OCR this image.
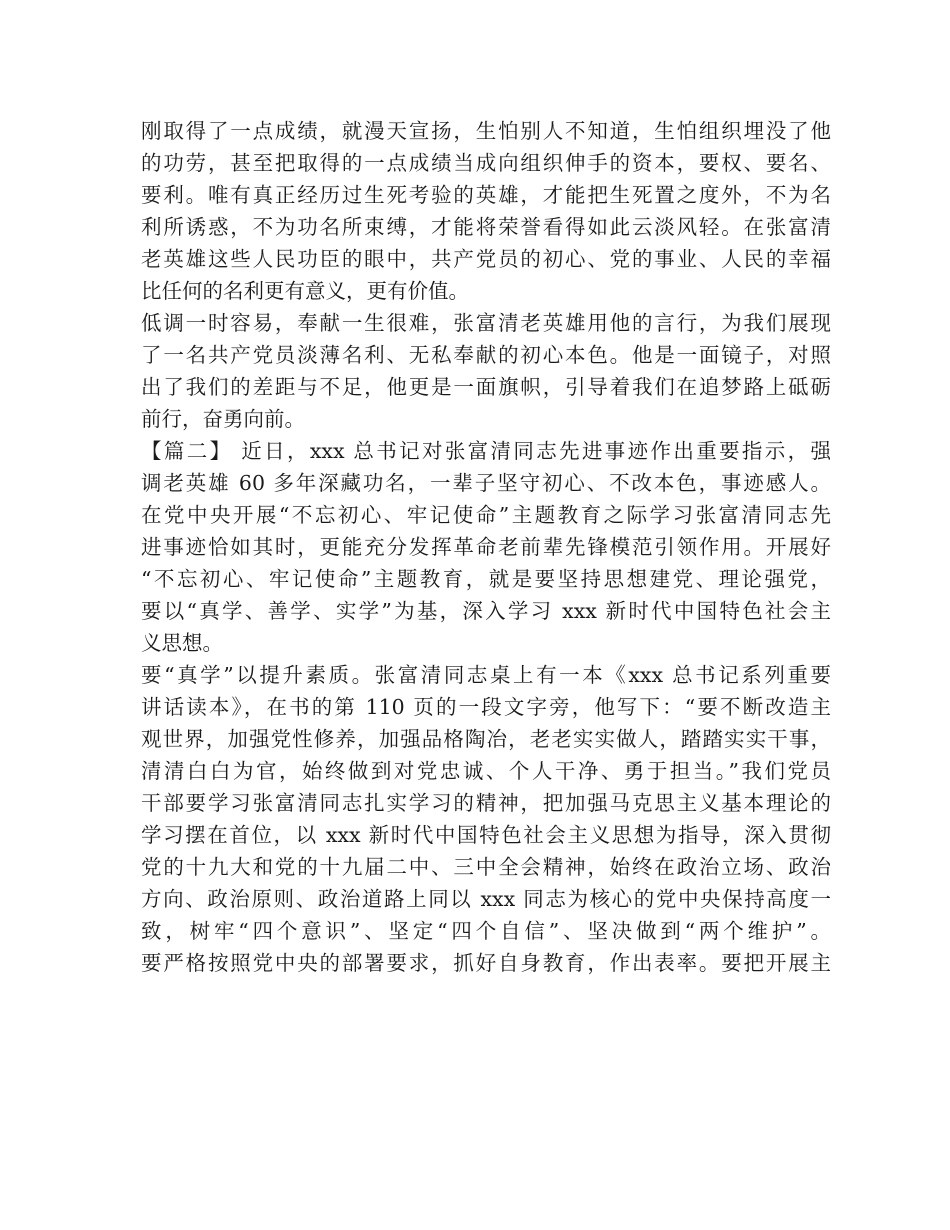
刚取得了一点成绩，就漫天宣扬，生怕别人不知道，生怕组织埋没了他
的功劳，甚至把取得的一点成绩当成向组织伸手的资本，要权、要名、
要利。唯有真正经历过生死考验的英雄，才能把生死置之度外，不为名
利所诱惑，不为功名所束缚，才能将荣誉看得如此云淡风轻。在张富清
老英雄这些人民功臣的眼中，共产党员的初心、党的事业、人民的幸福
比任何的名利更有意义，更有价值。
低调一时容易，奉献一生很难，张富清老英雄用他的言行，为我们展现
了一名共产党员淡薄名利、无私奉献的初心本色。他是一面镜子，对照
出了我们的差距与不足，他更是一面旗帜，引导着我们在追梦路上砥砺
前行，奋勇向前。
【篇二】 近日，xxx 总书记对张富清同志先进事迹作出重要指示，强
调老英雄 60 多年深藏功名，一辈子坚守初心、不改本色，事迹感人。
在党中央开展“不忘初心、牢记使命”主题教育之际学习张富清同志先
进事迹恰如其时，更能充分发挥革命老前辈先锋模范引领作用。开展好
“不忘初心、牢记使命”主题教育，就是要坚持思想建党、理论强党，
要以“真学、善学、实学”为基，深入学习 xxx 新时代中国特色社会主
义思想。
要“真学”以提升素质。张富清同志桌上有一本《xxx 总书记系列重要
讲话读本》，在书的第 110 页的一段文字旁，他写下：“要不断改造主
观世界，加强党性修养，加强品格陶冶，老老实实做人，踏踏实实干事，
清清白白为官，始终做到对党忠诚、个人干净、勇于担当。”我们党员
干部要学习张富清同志扎实学习的精神，把加强马克思主义基本理论的
学习摆在首位，以 xxx 新时代中国特色社会主义思想为指导，深入贯彻
党的十九大和党的十九届二中、三中全会精神，始终在政治立场、政治
方向、政治原则、政治道路上同以 xxx 同志为核心的党中央保持高度一
致，树牢“四个意识”、坚定“四个自信”、坚决做到“两个维护”。
要严格按照党中央的部署要求，抓好自身教育，作出表率。要把开展主
